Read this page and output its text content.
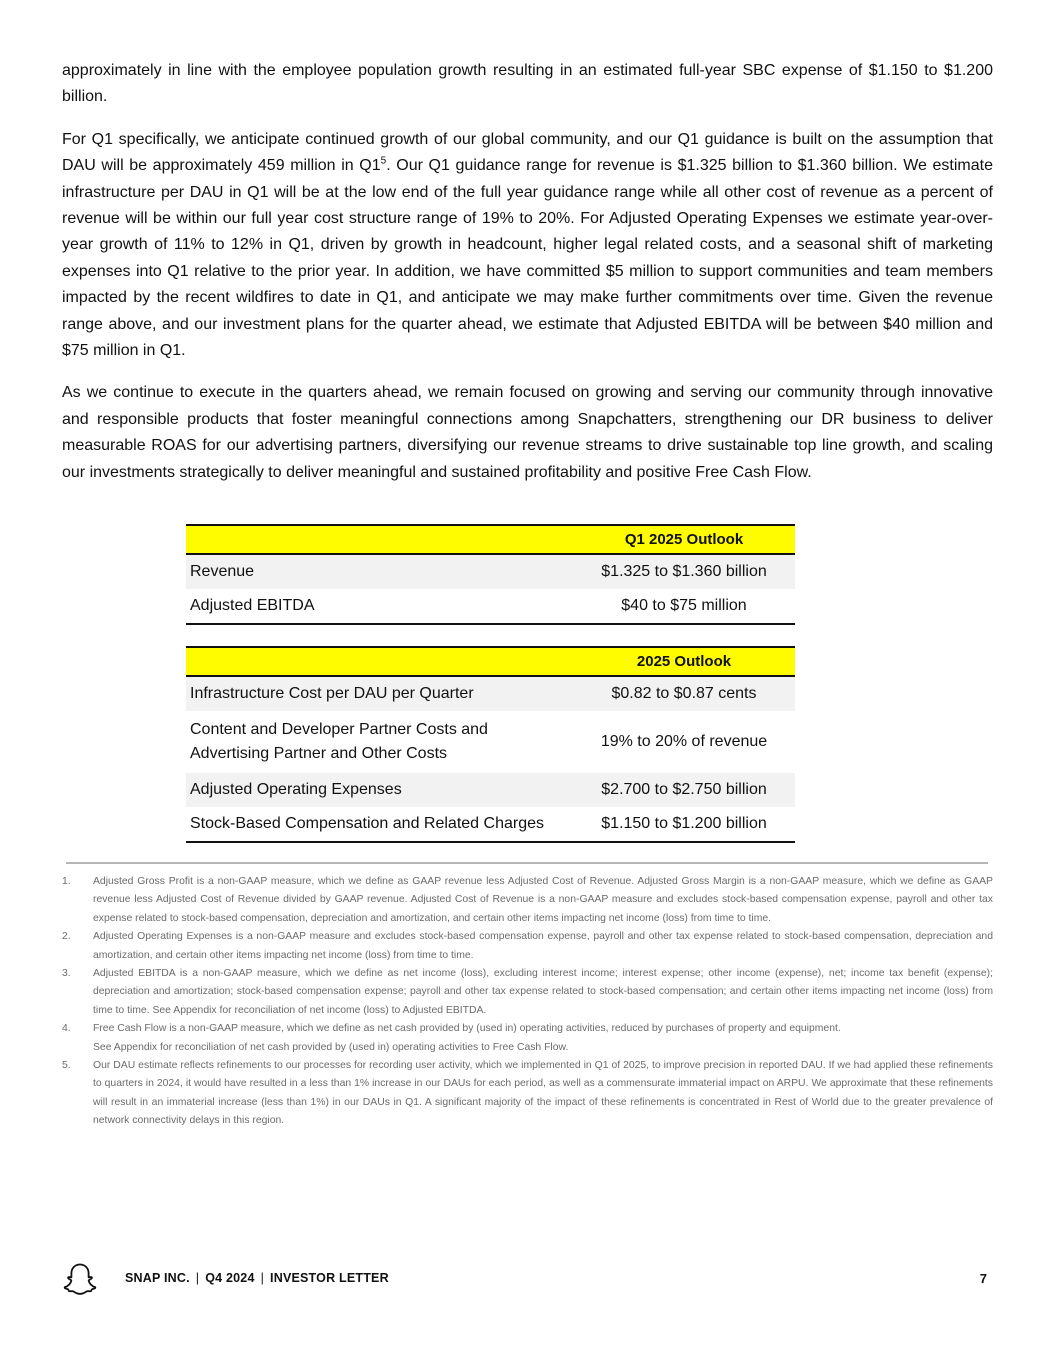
approximately in line with the employee population growth resulting in an estimated full-year SBC expense of $1.150 to $1.200 billion.

For Q1 specifically, we anticipate continued growth of our global community, and our Q1 guidance is built on the assumption that DAU will be approximately 459 million in $Q1^5$. Our Q1 guidance range for revenue is $1.325 billion to $1.360 billion. We estimate infrastructure per DAU in Q1 will be at the low end of the full year guidance range while all other cost of revenue as a percent of revenue will be within our full year cost structure range of 19% to 20%. For Adjusted Operating Expenses we estimate year-over-year growth of 11% to 12% in Q1, driven by growth in headcount, higher legal related costs, and a seasonal shift of marketing expenses into Q1 relative to the prior year. In addition, we have committed $5 million to support communities and team members impacted by the recent wildfires to date in Q1, and anticipate we may make further commitments over time. Given the revenue range above, and our investment plans for the quarter ahead, we estimate that Adjusted EBITDA will be between $40 million and $75 million in Q1.

As we continue to execute in the quarters ahead, we remain focused on growing and serving our community through innovative and responsible products that foster meaningful connections among Snapchatters, strengthening our DR business to deliver measurable ROAS for our advertising partners, diversifying our revenue streams to drive sustainable top line growth, and scaling our investments strategically to deliver meaningful and sustained profitability and positive Free Cash Flow.

	Q1 2025 Outlook
Revenue	$1.325 to $1.360 billion
Adjusted EBITDA	$40 to $75 million
	2025 Outlook
Infrastructure Cost per DAU per Quarter	$0.82 to $0.87 cents
Content and Developer Partner Costs and
Advertising Partner and Other Costs	19% to 20% of revenue
Adjusted Operating Expenses	$2.700 to $2.750 billion
Stock-Based Compensation and Related Charges	$1.150 to $1.200 billion
1. Adjusted Gross Profit is a non-GAAP measure, which we define as GAAP revenue less Adjusted Cost of Revenue. Adjusted Gross Margin is a non-GAAP measure, which we define as GAAP revenue less Adjusted Cost of Revenue divided by GAAP revenue. Adjusted Cost of Revenue is a non-GAAP measure and excludes stock-based compensation expense, payroll and other tax expense related to stock-based compensation, depreciation and amortization, and certain other items impacting net income (loss) from time to time.
2. Adjusted Operating Expenses is a non-GAAP measure and excludes stock-based compensation expense, payroll and other tax expense related to stock-based compensation, depreciation and amortization, and certain other items impacting net income (loss) from time to time.
3. Adjusted EBITDA is a non-GAAP measure, which we define as net income (loss), excluding interest income; interest expense; other income (expense), net; income tax benefit (expense); depreciation and amortization; stock-based compensation expense; payroll and other tax expense related to stock-based compensation; and certain other items impacting net income (loss) from time to time. See Appendix for reconciliation of net income (loss) to Adjusted EBITDA.
4. Free Cash Flow is a non-GAAP measure, which we define as net cash provided by (used in) operating activities, reduced by purchases of property and equipment.
See Appendix for reconciliation of net cash provided by (used in) operating activities to Free Cash Flow.
5. Our DAU estimate reflects refinements to our processes for recording user activity, which we implemented in Q1 of 2025, to improve precision in reported DAU. If we had applied these refinements to quarters in 2024, it would have resulted in a less than 1% increase in our DAUs for each period, as well as a commensurate immaterial impact on ARPU. We approximate that these refinements will result in an immaterial increase (less than 1%) in our DAUs in Q1. A significant majority of the impact of these refinements is concentrated in Rest of World due to the greater prevalence of network connectivity delays in this region.
SNAP INC. | Q4 2024 | INVESTOR LETTER	7
